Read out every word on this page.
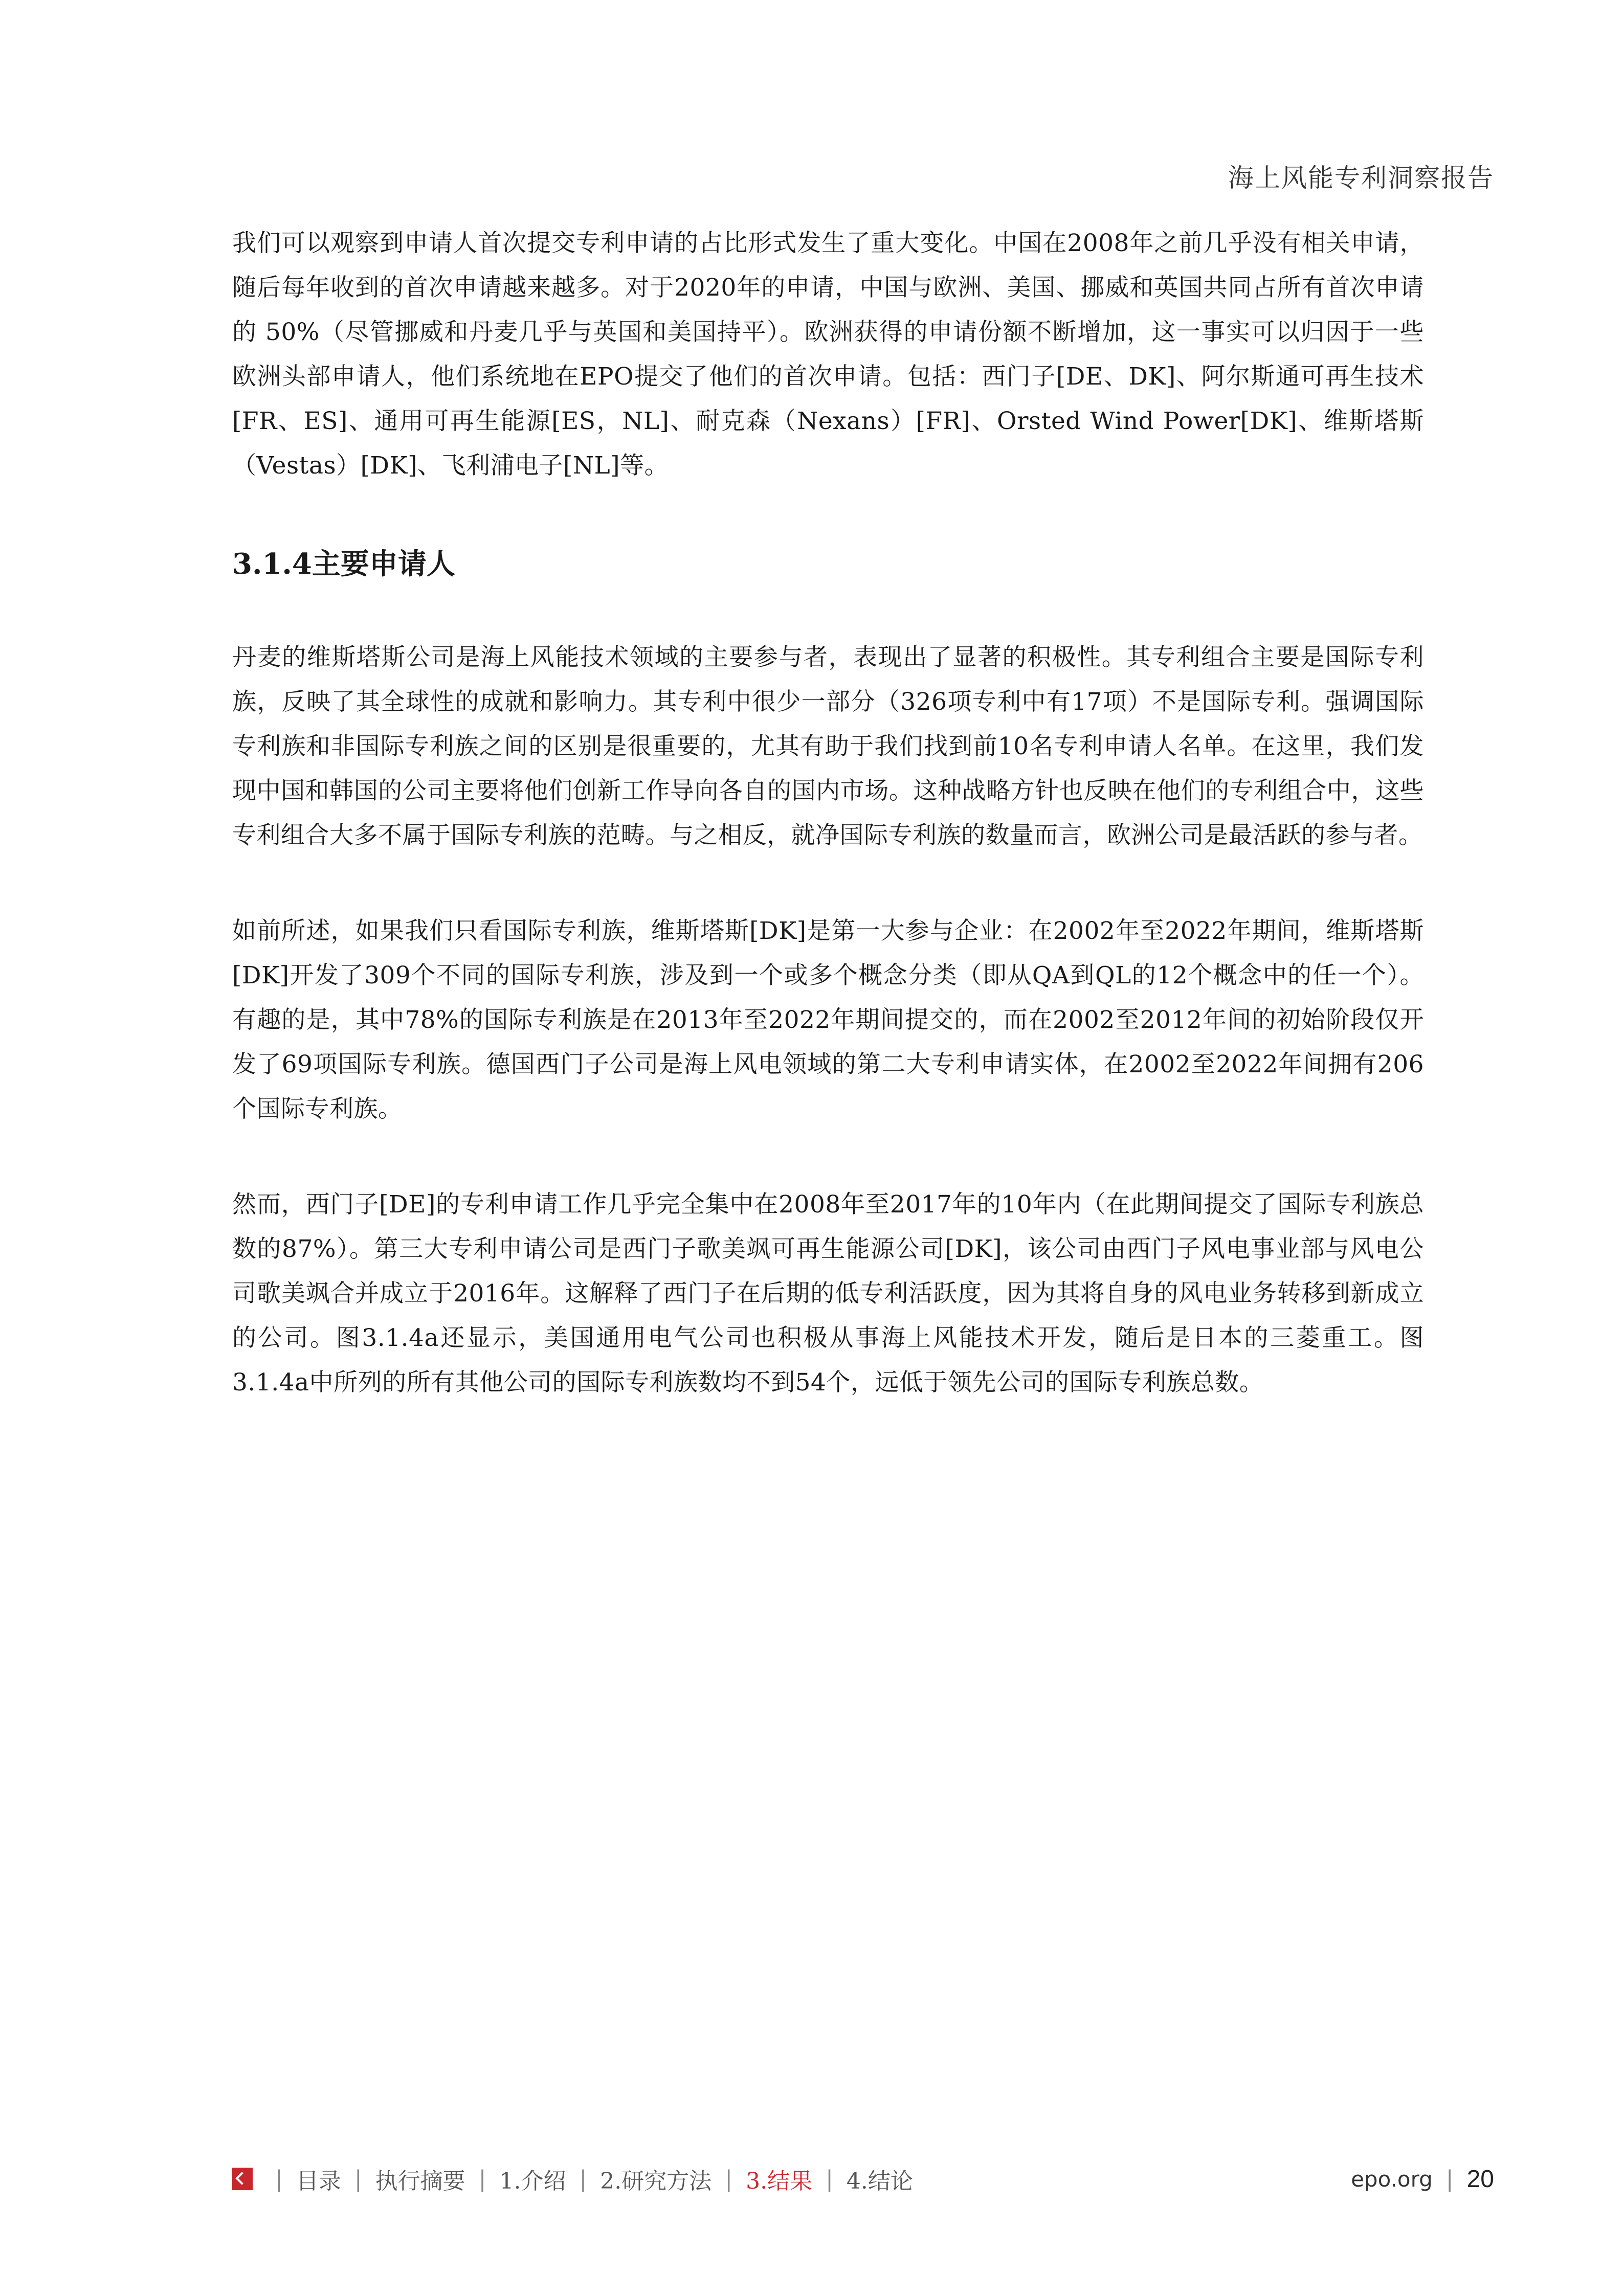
海上风能专利洞察报告

我们可以观察到申请人首次提交专利申请的占比形式发生了重大变化。中国在2008年之前几乎没有相关申请，随后每年收到的首次申请越来越多。对于2020年的申请，中国与欧洲、美国、挪威和英国共同占所有首次申请的 50%（尽管挪威和丹麦几乎与英国和美国持平）。欧洲获得的申请份额不断增加，这一事实可以归因于一些欧洲头部申请人，他们系统地在EPO提交了他们的首次申请。包括：西门子[DE、DK]、阿尔斯通可再生技术[FR、ES]、通用可再生能源[ES，NL]、耐克森（Nexans）[FR]、Orsted Wind Power[DK]、维斯塔斯（Vestas）[DK]、飞利浦电子[NL]等。

3.1.4主要申请人

丹麦的维斯塔斯公司是海上风能技术领域的主要参与者，表现出了显著的积极性。其专利组合主要是国际专利族，反映了其全球性的成就和影响力。其专利中很少一部分（326项专利中有17项）不是国际专利。强调国际专利族和非国际专利族之间的区别是很重要的，尤其有助于我们找到前10名专利申请人名单。在这里，我们发现中国和韩国的公司主要将他们创新工作导向各自的国内市场。这种战略方针也反映在他们的专利组合中，这些专利组合大多不属于国际专利族的范畴。与之相反，就净国际专利族的数量而言，欧洲公司是最活跃的参与者。

如前所述，如果我们只看国际专利族，维斯塔斯[DK]是第一大参与企业：在2002年至2022年期间，维斯塔斯[DK]开发了309个不同的国际专利族，涉及到一个或多个概念分类（即从QA到QL的12个概念中的任一个）。有趣的是，其中78%的国际专利族是在2013年至2022年期间提交的，而在2002至2012年间的初始阶段仅开发了69项国际专利族。德国西门子公司是海上风电领域的第二大专利申请实体，在2002至2022年间拥有206个国际专利族。

然而，西门子[DE]的专利申请工作几乎完全集中在2008年至2017年的10年内（在此期间提交了国际专利族总数的87%）。第三大专利申请公司是西门子歌美飒可再生能源公司[DK]，该公司由西门子风电事业部与风电公司歌美飒合并成立于2016年。这解释了西门子在后期的低专利活跃度，因为其将自身的风电业务转移到新成立的公司。图3.1.4a还显示，美国通用电气公司也积极从事海上风能技术开发，随后是日本的三菱重工。图3.1.4a中所列的所有其他公司的国际专利族数均不到54个，远低于领先公司的国际专利族总数。

| 目录 | 执行摘要 | 1.介绍 | 2.研究方法 | 3.结果 | 4.结论	epo.org | 20
